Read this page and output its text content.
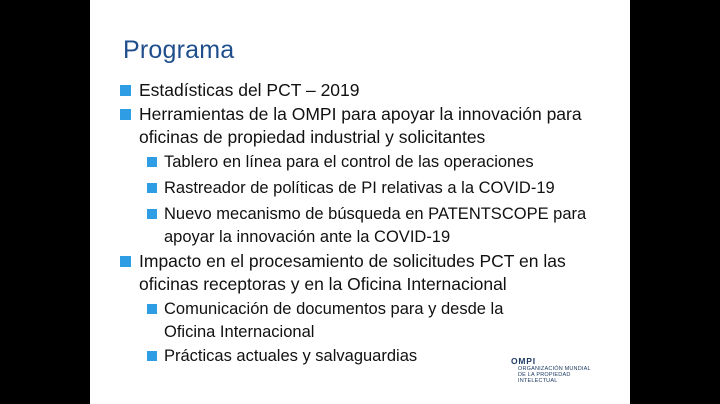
Programa
Estadísticas del PCT – 2019
Herramientas de la OMPI para apoyar la innovación para oficinas de propiedad industrial y solicitantes
Tablero en línea para el control de las operaciones
Rastreador de políticas de PI relativas a la COVID-19
Nuevo mecanismo de búsqueda en PATENTSCOPE para apoyar la innovación ante la COVID-19
Impacto en el procesamiento de solicitudes PCT en las oficinas receptoras y en la Oficina Internacional
Comunicación de documentos para y desde la Oficina Internacional
Prácticas actuales y salvaguardias	OMPI
ORGANIZACIÓN MUNDIAL
DE LA PROPIEDAD
INTELECTUAL
